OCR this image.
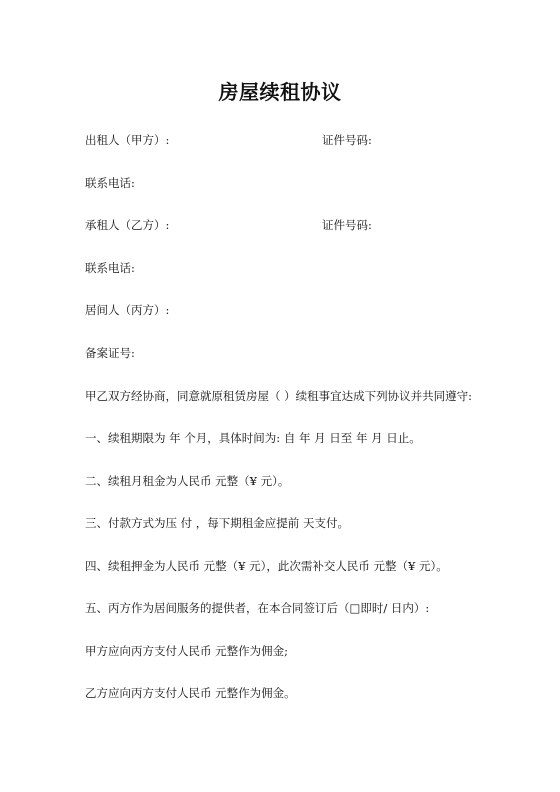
房屋续租协议
出租人（甲方）:	证件号码:
联系电话:
承租人（乙方）:	证件号码:
联系电话:
居间人（丙方）:
备案证号:
甲乙双方经协商，同意就原租赁房屋（ ）续租事宜达成下列协议并共同遵守:
一、续租期限为 年 个月，具体时间为: 自 年 月 日至 年 月 日止。
二、续租月租金为人民币 元整（¥ 元）。
三、付款方式为压 付 ，每下期租金应提前 天支付。
四、续租押金为人民币 元整（¥ 元），此次需补交人民币 元整（¥ 元）。
五、丙方作为居间服务的提供者，在本合同签订后（□即时/ 日内）:
甲方应向丙方支付人民币 元整作为佣金;
乙方应向丙方支付人民币 元整作为佣金。
